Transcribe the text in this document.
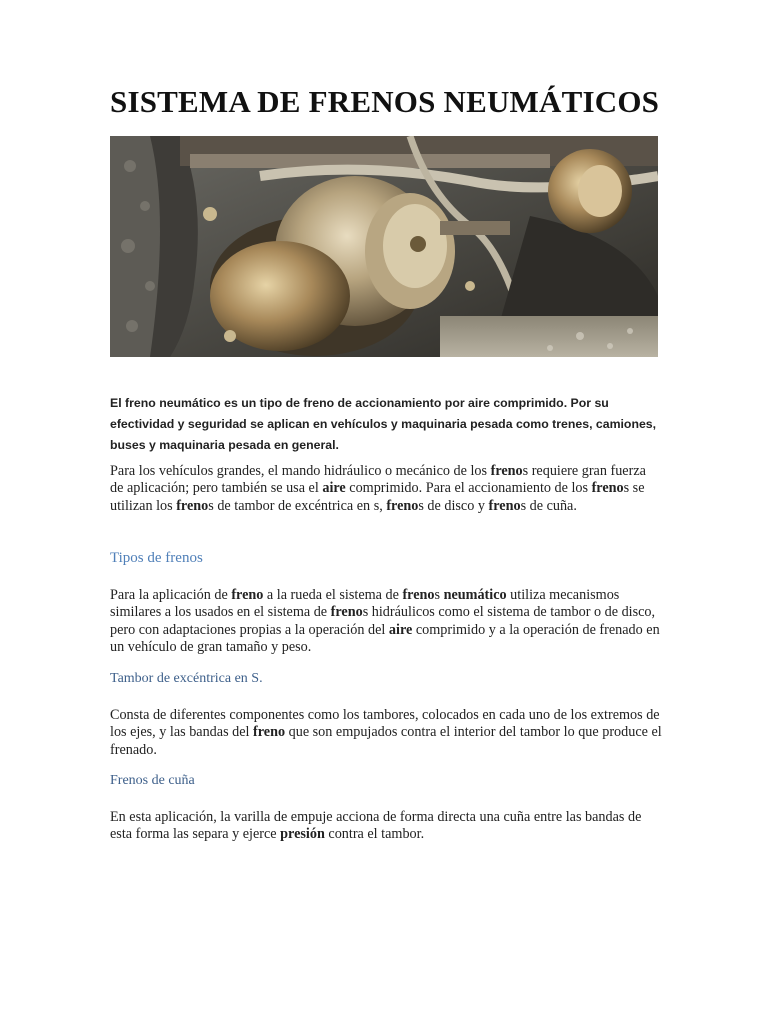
SISTEMA DE FRENOS NEUMÁTICOS

El freno neumático es un tipo de freno de accionamiento por aire comprimido. Por su efectividad y seguridad se aplican en vehículos y maquinaria pesada como trenes, camiones, buses y maquinaria pesada en general.

Para los vehículos grandes, el mando hidráulico o mecánico de los frenos requiere gran fuerza de aplicación; pero también se usa el aire comprimido. Para el accionamiento de los frenos se utilizan los frenos de tambor de excéntrica en s, frenos de disco y frenos de cuña.

Tipos de frenos

Para la aplicación de freno a la rueda el sistema de frenos neumático utiliza mecanismos similares a los usados en el sistema de frenos hidráulicos como el sistema de tambor o de disco, pero con adaptaciones propias a la operación del aire comprimido y a la operación de frenado en un vehículo de gran tamaño y peso.

Tambor de excéntrica en S.

Consta de diferentes componentes como los tambores, colocados en cada uno de los extremos de los ejes, y las bandas del freno que son empujados contra el interior del tambor lo que produce el frenado.

Frenos de cuña

En esta aplicación, la varilla de empuje acciona de forma directa una cuña entre las bandas de esta forma las separa y ejerce presión contra el tambor.
